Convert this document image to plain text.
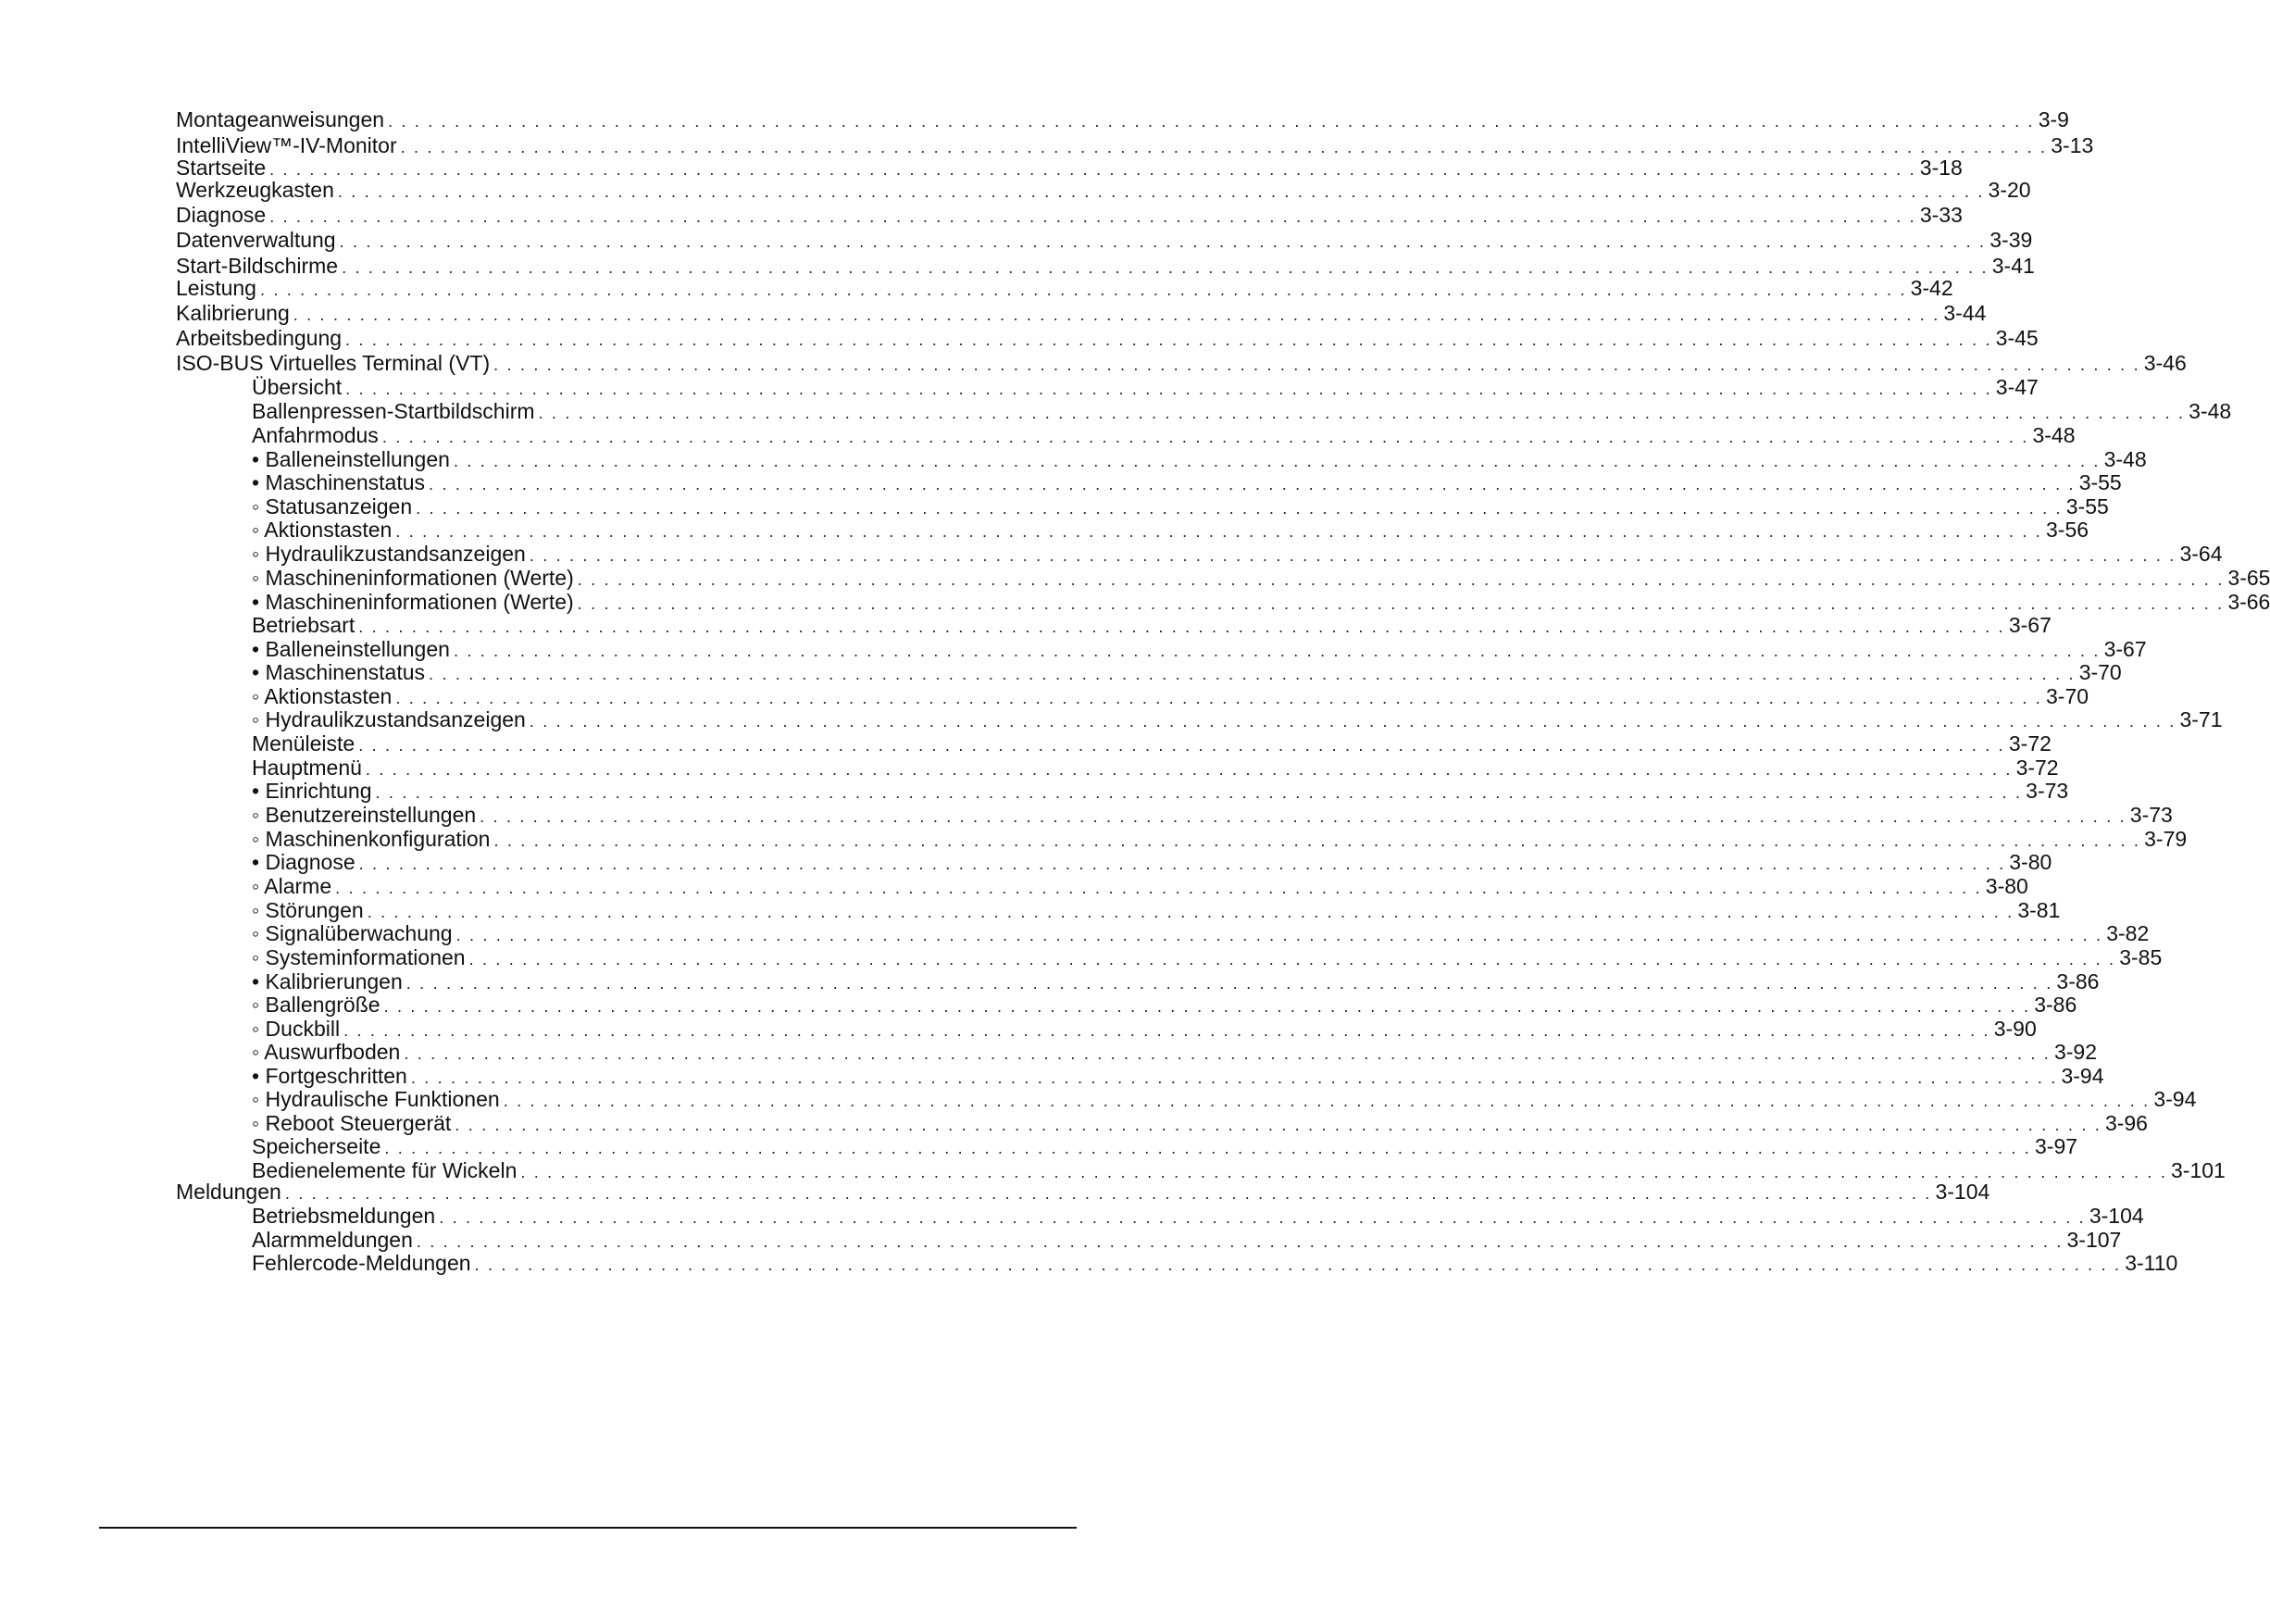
Montageanweisungen . . . . . . . . . . . . . . . . . . . . . . . . . . . . . . . . . . . . . . . . . . . . . . . . . . . . . . . . . . . . . . . . . . . . . . . . . . . . . . . . . . . . . . . . . . . . . . . . . . . . . . . . . . . . . . . . . . . . . . . . . . . . 3-9
IntelliView™-IV-Monitor . . . . . . . . . . . . . . . . . . . . . . . . . . . . . . . . . . . . . . . . . . . . . . . . . . . . . . . . . . . . . . . . . . . . . . . . . . . . . . . . . . . . . . . . . . . . . . . . . . . . . . . . . . . . . . . . . . . . . . . . . . . . 3-13
Startseite . . . . . . . . . . . . . . . . . . . . . . . . . . . . . . . . . . . . . . . . . . . . . . . . . . . . . . . . . . . . . . . . . . . . . . . . . . . . . . . . . . . . . . . . . . . . . . . . . . . . . . . . . . . . . . . . . . . . . . . . . . . . 3-18
Werkzeugkasten . . . . . . . . . . . . . . . . . . . . . . . . . . . . . . . . . . . . . . . . . . . . . . . . . . . . . . . . . . . . . . . . . . . . . . . . . . . . . . . . . . . . . . . . . . . . . . . . . . . . . . . . . . . . . . . . . . . . . . . . . . . . 3-20
Diagnose . . . . . . . . . . . . . . . . . . . . . . . . . . . . . . . . . . . . . . . . . . . . . . . . . . . . . . . . . . . . . . . . . . . . . . . . . . . . . . . . . . . . . . . . . . . . . . . . . . . . . . . . . . . . . . . . . . . . . . . . . . . . 3-33
Datenverwaltung . . . . . . . . . . . . . . . . . . . . . . . . . . . . . . . . . . . . . . . . . . . . . . . . . . . . . . . . . . . . . . . . . . . . . . . . . . . . . . . . . . . . . . . . . . . . . . . . . . . . . . . . . . . . . . . . . . . . . . . . . . . . 3-39
Start-Bildschirme . . . . . . . . . . . . . . . . . . . . . . . . . . . . . . . . . . . . . . . . . . . . . . . . . . . . . . . . . . . . . . . . . . . . . . . . . . . . . . . . . . . . . . . . . . . . . . . . . . . . . . . . . . . . . . . . . . . . . . . . . . . . 3-41
Leistung . . . . . . . . . . . . . . . . . . . . . . . . . . . . . . . . . . . . . . . . . . . . . . . . . . . . . . . . . . . . . . . . . . . . . . . . . . . . . . . . . . . . . . . . . . . . . . . . . . . . . . . . . . . . . . . . . . . . . . . . . . . . 3-42
Kalibrierung . . . . . . . . . . . . . . . . . . . . . . . . . . . . . . . . . . . . . . . . . . . . . . . . . . . . . . . . . . . . . . . . . . . . . . . . . . . . . . . . . . . . . . . . . . . . . . . . . . . . . . . . . . . . . . . . . . . . . . . . . . . . 3-44
Arbeitsbedingung . . . . . . . . . . . . . . . . . . . . . . . . . . . . . . . . . . . . . . . . . . . . . . . . . . . . . . . . . . . . . . . . . . . . . . . . . . . . . . . . . . . . . . . . . . . . . . . . . . . . . . . . . . . . . . . . . . . . . . . . . . . . 3-45
ISO-BUS Virtuelles Terminal (VT) . . . . . . . . . . . . . . . . . . . . . . . . . . . . . . . . . . . . . . . . . . . . . . . . . . . . . . . . . . . . . . . . . . . . . . . . . . . . . . . . . . . . . . . . . . . . . . . . . . . . . . . . . . . . . . . . . . . . . . . . . . . . 3-46
Übersicht . . . . . . . . . . . . . . . . . . . . . . . . . . . . . . . . . . . . . . . . . . . . . . . . . . . . . . . . . . . . . . . . . . . . . . . . . . . . . . . . . . . . . . . . . . . . . . . . . . . . . . . . . . . . . . . . . . . . . . . . . . . . 3-47
Ballenpressen-Startbildschirm . . . . . . . . . . . . . . . . . . . . . . . . . . . . . . . . . . . . . . . . . . . . . . . . . . . . . . . . . . . . . . . . . . . . . . . . . . . . . . . . . . . . . . . . . . . . . . . . . . . . . . . . . . . . . . . . . . . . . . . . . . . . 3-48
Anfahrmodus . . . . . . . . . . . . . . . . . . . . . . . . . . . . . . . . . . . . . . . . . . . . . . . . . . . . . . . . . . . . . . . . . . . . . . . . . . . . . . . . . . . . . . . . . . . . . . . . . . . . . . . . . . . . . . . . . . . . . . . . . . . . 3-48
• Balleneinstellungen . . . . . . . . . . . . . . . . . . . . . . . . . . . . . . . . . . . . . . . . . . . . . . . . . . . . . . . . . . . . . . . . . . . . . . . . . . . . . . . . . . . . . . . . . . . . . . . . . . . . . . . . . . . . . . . . . . . . . . . . . . . . 3-48
• Maschinenstatus . . . . . . . . . . . . . . . . . . . . . . . . . . . . . . . . . . . . . . . . . . . . . . . . . . . . . . . . . . . . . . . . . . . . . . . . . . . . . . . . . . . . . . . . . . . . . . . . . . . . . . . . . . . . . . . . . . . . . . . . . . . . 3-55
◦ Statusanzeigen . . . . . . . . . . . . . . . . . . . . . . . . . . . . . . . . . . . . . . . . . . . . . . . . . . . . . . . . . . . . . . . . . . . . . . . . . . . . . . . . . . . . . . . . . . . . . . . . . . . . . . . . . . . . . . . . . . . . . . . . . . . . 3-55
◦ Aktionstasten . . . . . . . . . . . . . . . . . . . . . . . . . . . . . . . . . . . . . . . . . . . . . . . . . . . . . . . . . . . . . . . . . . . . . . . . . . . . . . . . . . . . . . . . . . . . . . . . . . . . . . . . . . . . . . . . . . . . . . . . . . . . 3-56
◦ Hydraulikzustandsanzeigen . . . . . . . . . . . . . . . . . . . . . . . . . . . . . . . . . . . . . . . . . . . . . . . . . . . . . . . . . . . . . . . . . . . . . . . . . . . . . . . . . . . . . . . . . . . . . . . . . . . . . . . . . . . . . . . . . . . . . . . . . . . . 3-64
◦ Maschineninformationen (Werte) . . . . . . . . . . . . . . . . . . . . . . . . . . . . . . . . . . . . . . . . . . . . . . . . . . . . . . . . . . . . . . . . . . . . . . . . . . . . . . . . . . . . . . . . . . . . . . . . . . . . . . . . . . . . . . . . . . . . . . . . . . . . 3-65
• Maschineninformationen (Werte) . . . . . . . . . . . . . . . . . . . . . . . . . . . . . . . . . . . . . . . . . . . . . . . . . . . . . . . . . . . . . . . . . . . . . . . . . . . . . . . . . . . . . . . . . . . . . . . . . . . . . . . . . . . . . . . . . . . . . . . . . . . . 3-66
Betriebsart . . . . . . . . . . . . . . . . . . . . . . . . . . . . . . . . . . . . . . . . . . . . . . . . . . . . . . . . . . . . . . . . . . . . . . . . . . . . . . . . . . . . . . . . . . . . . . . . . . . . . . . . . . . . . . . . . . . . . . . . . . . . 3-67
• Balleneinstellungen . . . . . . . . . . . . . . . . . . . . . . . . . . . . . . . . . . . . . . . . . . . . . . . . . . . . . . . . . . . . . . . . . . . . . . . . . . . . . . . . . . . . . . . . . . . . . . . . . . . . . . . . . . . . . . . . . . . . . . . . . . . . 3-67
• Maschinenstatus . . . . . . . . . . . . . . . . . . . . . . . . . . . . . . . . . . . . . . . . . . . . . . . . . . . . . . . . . . . . . . . . . . . . . . . . . . . . . . . . . . . . . . . . . . . . . . . . . . . . . . . . . . . . . . . . . . . . . . . . . . . . 3-70
◦ Aktionstasten . . . . . . . . . . . . . . . . . . . . . . . . . . . . . . . . . . . . . . . . . . . . . . . . . . . . . . . . . . . . . . . . . . . . . . . . . . . . . . . . . . . . . . . . . . . . . . . . . . . . . . . . . . . . . . . . . . . . . . . . . . . . 3-70
◦ Hydraulikzustandsanzeigen . . . . . . . . . . . . . . . . . . . . . . . . . . . . . . . . . . . . . . . . . . . . . . . . . . . . . . . . . . . . . . . . . . . . . . . . . . . . . . . . . . . . . . . . . . . . . . . . . . . . . . . . . . . . . . . . . . . . . . . . . . . . 3-71
Menüleiste . . . . . . . . . . . . . . . . . . . . . . . . . . . . . . . . . . . . . . . . . . . . . . . . . . . . . . . . . . . . . . . . . . . . . . . . . . . . . . . . . . . . . . . . . . . . . . . . . . . . . . . . . . . . . . . . . . . . . . . . . . . . 3-72
Hauptmenü . . . . . . . . . . . . . . . . . . . . . . . . . . . . . . . . . . . . . . . . . . . . . . . . . . . . . . . . . . . . . . . . . . . . . . . . . . . . . . . . . . . . . . . . . . . . . . . . . . . . . . . . . . . . . . . . . . . . . . . . . . . . 3-72
• Einrichtung . . . . . . . . . . . . . . . . . . . . . . . . . . . . . . . . . . . . . . . . . . . . . . . . . . . . . . . . . . . . . . . . . . . . . . . . . . . . . . . . . . . . . . . . . . . . . . . . . . . . . . . . . . . . . . . . . . . . . . . . . . . . 3-73
◦ Benutzereinstellungen . . . . . . . . . . . . . . . . . . . . . . . . . . . . . . . . . . . . . . . . . . . . . . . . . . . . . . . . . . . . . . . . . . . . . . . . . . . . . . . . . . . . . . . . . . . . . . . . . . . . . . . . . . . . . . . . . . . . . . . . . . . . 3-73
◦ Maschinenkonfiguration . . . . . . . . . . . . . . . . . . . . . . . . . . . . . . . . . . . . . . . . . . . . . . . . . . . . . . . . . . . . . . . . . . . . . . . . . . . . . . . . . . . . . . . . . . . . . . . . . . . . . . . . . . . . . . . . . . . . . . . . . . . . 3-79
• Diagnose . . . . . . . . . . . . . . . . . . . . . . . . . . . . . . . . . . . . . . . . . . . . . . . . . . . . . . . . . . . . . . . . . . . . . . . . . . . . . . . . . . . . . . . . . . . . . . . . . . . . . . . . . . . . . . . . . . . . . . . . . . . . 3-80
◦ Alarme . . . . . . . . . . . . . . . . . . . . . . . . . . . . . . . . . . . . . . . . . . . . . . . . . . . . . . . . . . . . . . . . . . . . . . . . . . . . . . . . . . . . . . . . . . . . . . . . . . . . . . . . . . . . . . . . . . . . . . . . . . . . 3-80
◦ Störungen . . . . . . . . . . . . . . . . . . . . . . . . . . . . . . . . . . . . . . . . . . . . . . . . . . . . . . . . . . . . . . . . . . . . . . . . . . . . . . . . . . . . . . . . . . . . . . . . . . . . . . . . . . . . . . . . . . . . . . . . . . . . 3-81
◦ Signalüberwachung . . . . . . . . . . . . . . . . . . . . . . . . . . . . . . . . . . . . . . . . . . . . . . . . . . . . . . . . . . . . . . . . . . . . . . . . . . . . . . . . . . . . . . . . . . . . . . . . . . . . . . . . . . . . . . . . . . . . . . . . . . . . 3-82
◦ Systeminformationen . . . . . . . . . . . . . . . . . . . . . . . . . . . . . . . . . . . . . . . . . . . . . . . . . . . . . . . . . . . . . . . . . . . . . . . . . . . . . . . . . . . . . . . . . . . . . . . . . . . . . . . . . . . . . . . . . . . . . . . . . . . . 3-85
• Kalibrierungen . . . . . . . . . . . . . . . . . . . . . . . . . . . . . . . . . . . . . . . . . . . . . . . . . . . . . . . . . . . . . . . . . . . . . . . . . . . . . . . . . . . . . . . . . . . . . . . . . . . . . . . . . . . . . . . . . . . . . . . . . . . . 3-86
◦ Ballengröße . . . . . . . . . . . . . . . . . . . . . . . . . . . . . . . . . . . . . . . . . . . . . . . . . . . . . . . . . . . . . . . . . . . . . . . . . . . . . . . . . . . . . . . . . . . . . . . . . . . . . . . . . . . . . . . . . . . . . . . . . . . . 3-86
◦ Duckbill . . . . . . . . . . . . . . . . . . . . . . . . . . . . . . . . . . . . . . . . . . . . . . . . . . . . . . . . . . . . . . . . . . . . . . . . . . . . . . . . . . . . . . . . . . . . . . . . . . . . . . . . . . . . . . . . . . . . . . . . . . . . 3-90
◦ Auswurfboden . . . . . . . . . . . . . . . . . . . . . . . . . . . . . . . . . . . . . . . . . . . . . . . . . . . . . . . . . . . . . . . . . . . . . . . . . . . . . . . . . . . . . . . . . . . . . . . . . . . . . . . . . . . . . . . . . . . . . . . . . . . . 3-92
• Fortgeschritten . . . . . . . . . . . . . . . . . . . . . . . . . . . . . . . . . . . . . . . . . . . . . . . . . . . . . . . . . . . . . . . . . . . . . . . . . . . . . . . . . . . . . . . . . . . . . . . . . . . . . . . . . . . . . . . . . . . . . . . . . . . . 3-94
◦ Hydraulische Funktionen . . . . . . . . . . . . . . . . . . . . . . . . . . . . . . . . . . . . . . . . . . . . . . . . . . . . . . . . . . . . . . . . . . . . . . . . . . . . . . . . . . . . . . . . . . . . . . . . . . . . . . . . . . . . . . . . . . . . . . . . . . . . 3-94
◦ Reboot Steuergerät . . . . . . . . . . . . . . . . . . . . . . . . . . . . . . . . . . . . . . . . . . . . . . . . . . . . . . . . . . . . . . . . . . . . . . . . . . . . . . . . . . . . . . . . . . . . . . . . . . . . . . . . . . . . . . . . . . . . . . . . . . . . 3-96
Speicherseite . . . . . . . . . . . . . . . . . . . . . . . . . . . . . . . . . . . . . . . . . . . . . . . . . . . . . . . . . . . . . . . . . . . . . . . . . . . . . . . . . . . . . . . . . . . . . . . . . . . . . . . . . . . . . . . . . . . . . . . . . . . . 3-97
Bedienelemente für Wickeln . . . . . . . . . . . . . . . . . . . . . . . . . . . . . . . . . . . . . . . . . . . . . . . . . . . . . . . . . . . . . . . . . . . . . . . . . . . . . . . . . . . . . . . . . . . . . . . . . . . . . . . . . . . . . . . . . . . . . . . . . . . . 3-101
Meldungen . . . . . . . . . . . . . . . . . . . . . . . . . . . . . . . . . . . . . . . . . . . . . . . . . . . . . . . . . . . . . . . . . . . . . . . . . . . . . . . . . . . . . . . . . . . . . . . . . . . . . . . . . . . . . . . . . . . . . . . . . . . . 3-104
Betriebsmeldungen . . . . . . . . . . . . . . . . . . . . . . . . . . . . . . . . . . . . . . . . . . . . . . . . . . . . . . . . . . . . . . . . . . . . . . . . . . . . . . . . . . . . . . . . . . . . . . . . . . . . . . . . . . . . . . . . . . . . . . . . . . . . 3-104
Alarmmeldungen . . . . . . . . . . . . . . . . . . . . . . . . . . . . . . . . . . . . . . . . . . . . . . . . . . . . . . . . . . . . . . . . . . . . . . . . . . . . . . . . . . . . . . . . . . . . . . . . . . . . . . . . . . . . . . . . . . . . . . . . . . . . 3-107
Fehlercode-Meldungen . . . . . . . . . . . . . . . . . . . . . . . . . . . . . . . . . . . . . . . . . . . . . . . . . . . . . . . . . . . . . . . . . . . . . . . . . . . . . . . . . . . . . . . . . . . . . . . . . . . . . . . . . . . . . . . . . . . . . . . . . . . . 3-110
